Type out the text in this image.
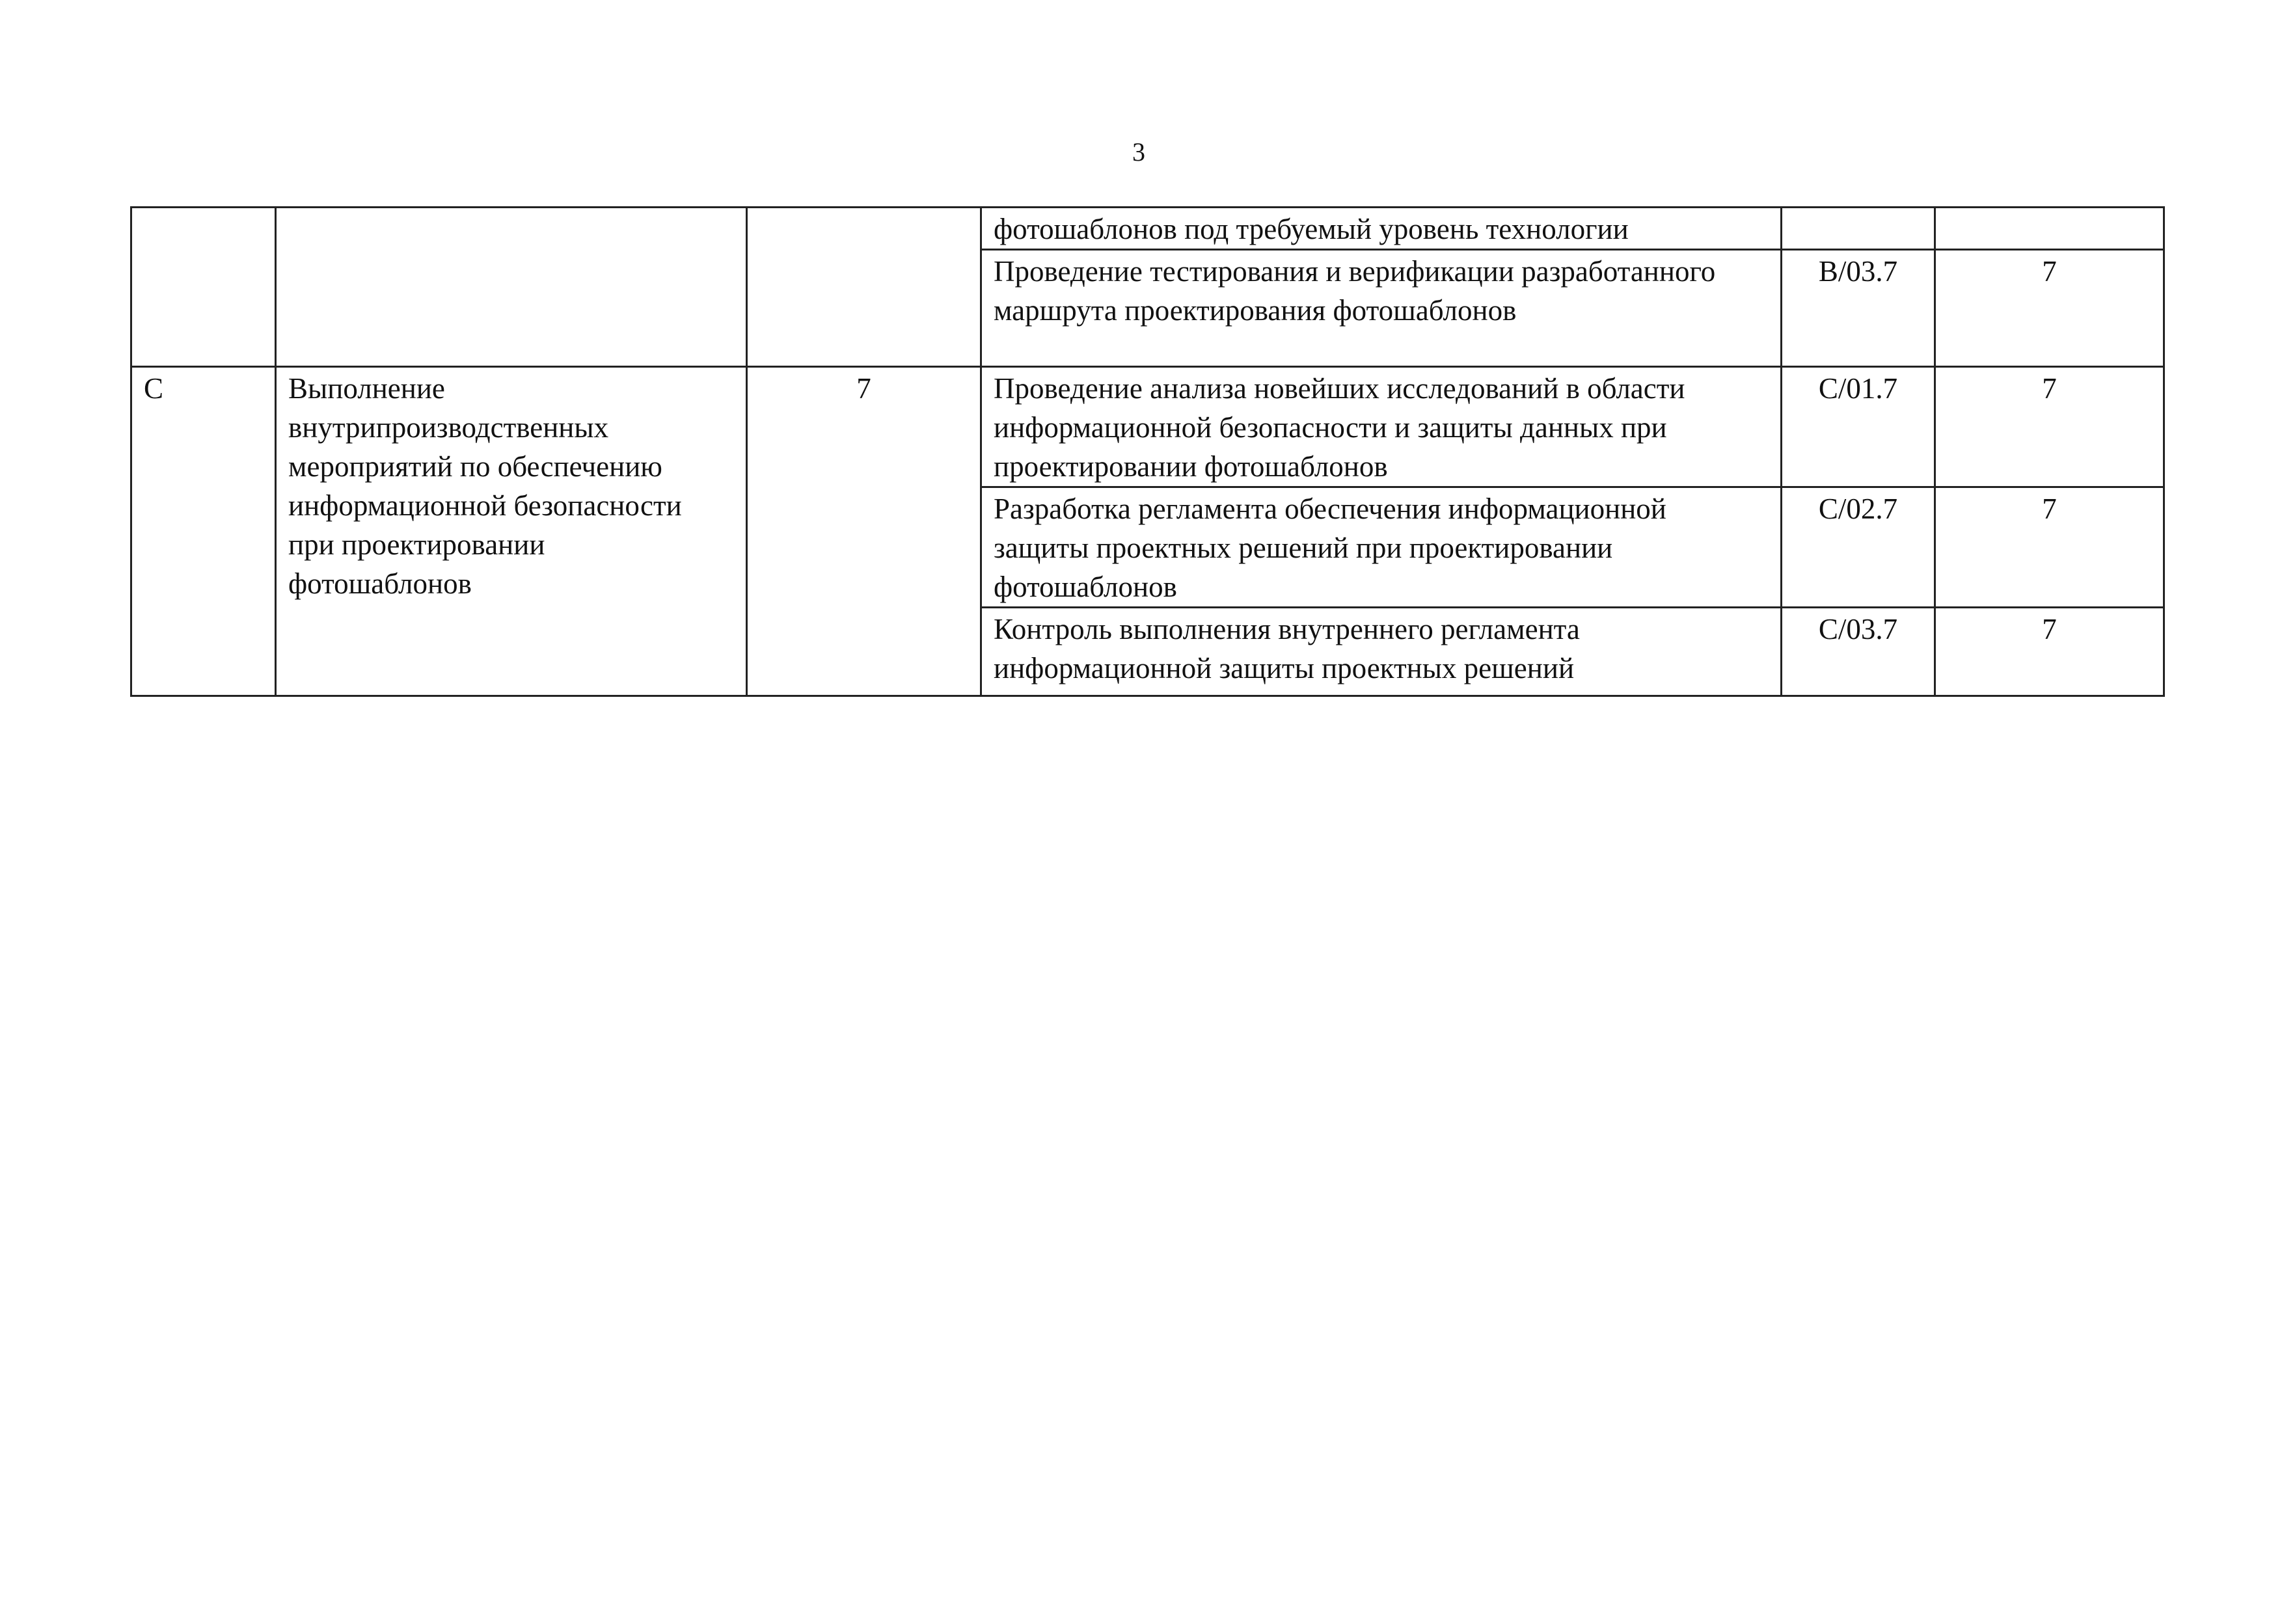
3
			фотошаблонов под требуемый уровень технологии		
			Проведение тестирования и верификации разработанного маршрута проектирования фотошаблонов	B/03.7	7
C	Выполнение внутрипроизводственных мероприятий по обеспечению информационной безопасности при проектировании фотошаблонов	7	Проведение анализа новейших исследований в области информационной безопасности и защиты данных при проектировании фотошаблонов	C/01.7	7
			Разработка регламента обеспечения информационной защиты проектных решений при проектировании фотошаблонов	C/02.7	7
			Контроль выполнения внутреннего регламента информационной защиты проектных решений	C/03.7	7
